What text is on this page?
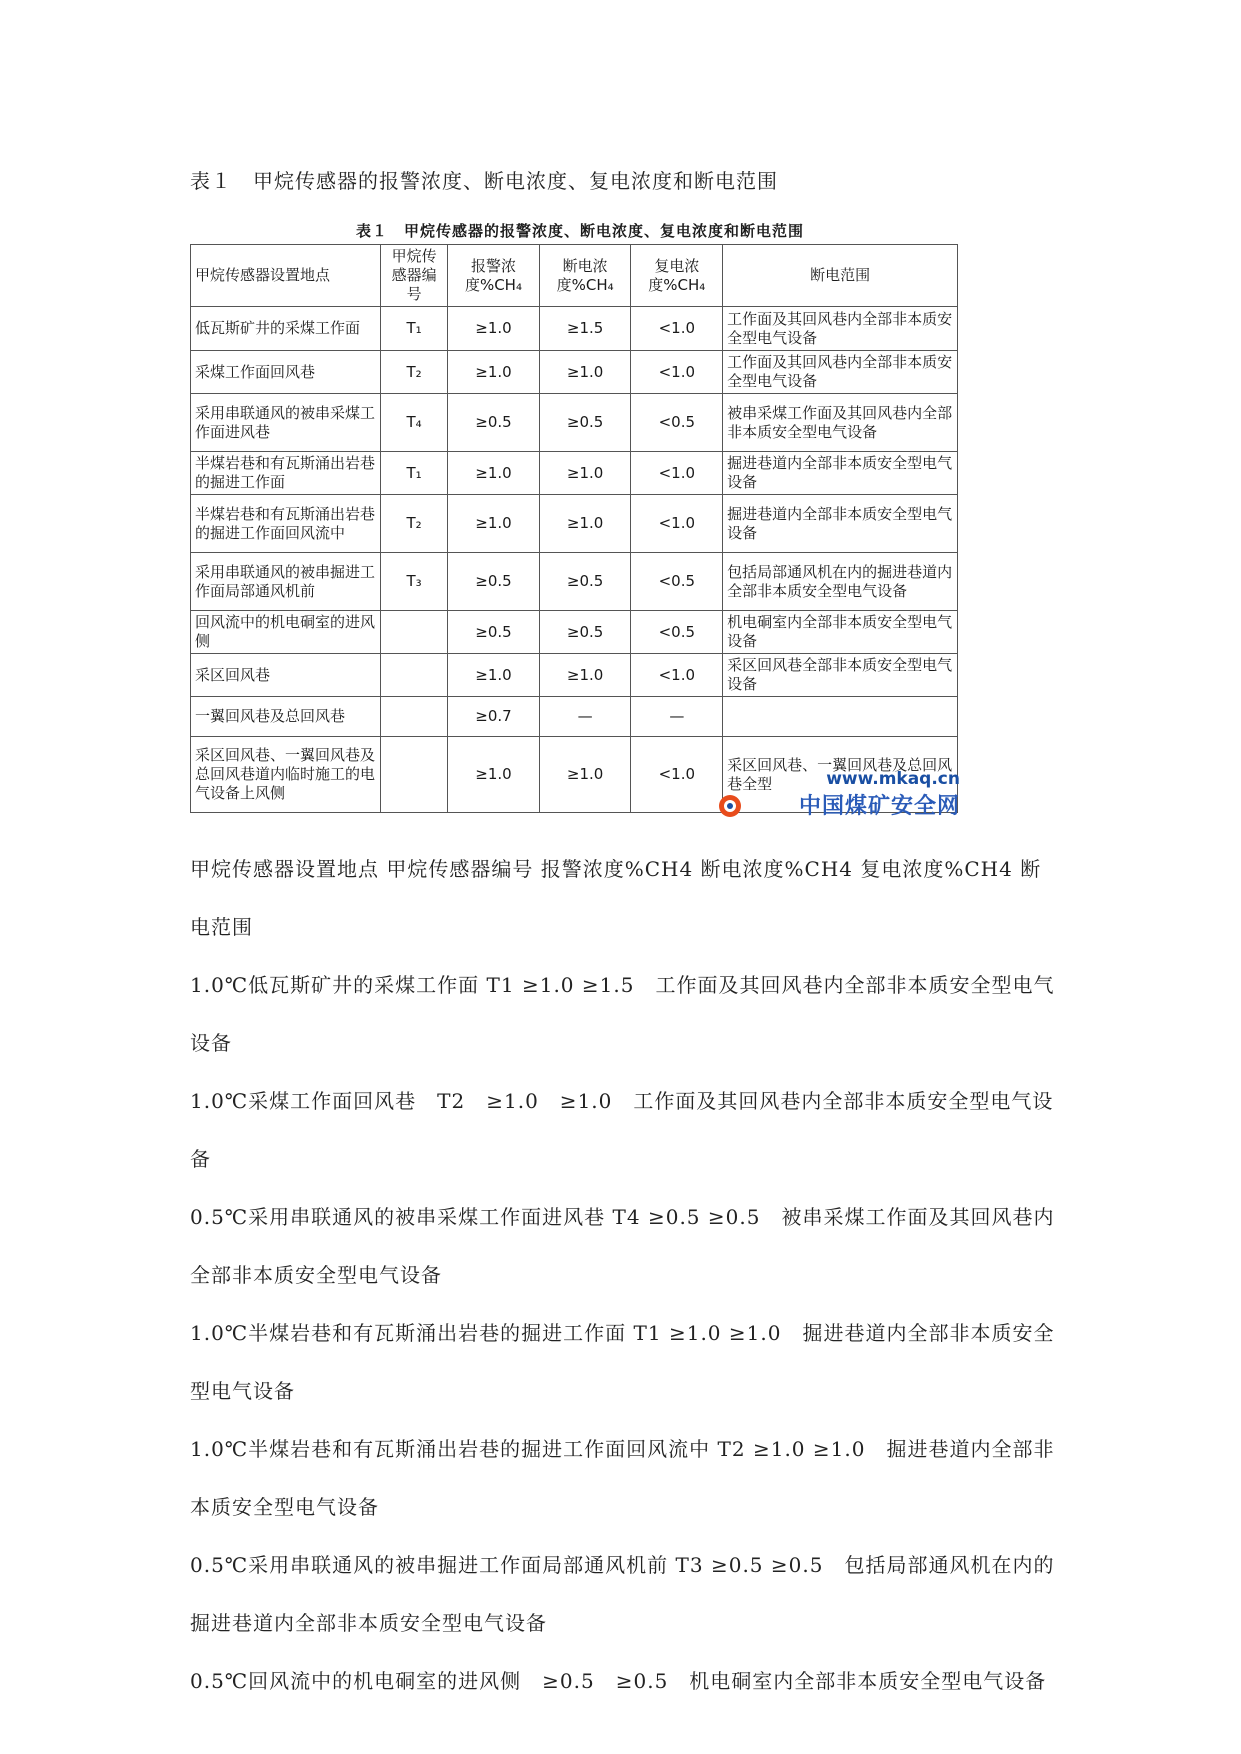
表１　甲烷传感器的报警浓度、断电浓度、复电浓度和断电范围
表１　甲烷传感器的报警浓度、断电浓度、复电浓度和断电范围
甲烷传感器设置地点	甲烷传感器编号	报警浓度%CH₄	断电浓度%CH₄	复电浓度%CH₄	断电范围
低瓦斯矿井的采煤工作面	T₁	≥1.0	≥1.5	<1.0	工作面及其回风巷内全部非本质安全型电气设备
采煤工作面回风巷	T₂	≥1.0	≥1.0	<1.0	工作面及其回风巷内全部非本质安全型电气设备
采用串联通风的被串采煤工作面进风巷	T₄	≥0.5	≥0.5	<0.5	被串采煤工作面及其回风巷内全部非本质安全型电气设备
半煤岩巷和有瓦斯涌出岩巷的掘进工作面	T₁	≥1.0	≥1.0	<1.0	掘进巷道内全部非本质安全型电气设备
半煤岩巷和有瓦斯涌出岩巷的掘进工作面回风流中	T₂	≥1.0	≥1.0	<1.0	掘进巷道内全部非本质安全型电气设备
采用串联通风的被串掘进工作面局部通风机前	T₃	≥0.5	≥0.5	<0.5	包括局部通风机在内的掘进巷道内全部非本质安全型电气设备
回风流中的机电硐室的进风侧		≥0.5	≥0.5	<0.5	机电硐室内全部非本质安全型电气设备
采区回风巷		≥1.0	≥1.0	<1.0	采区回风巷全部非本质安全型电气设备
一翼回风巷及总回风巷		≥0.7	—	—	
采区回风巷、一翼回风巷及总回风巷道内临时施工的电气设备上风侧		≥1.0	≥1.0	<1.0	采区回风巷、一翼回风巷及总回风巷全型	www.mkaq.cn
中国煤矿安全网

甲烷传感器设置地点 甲烷传感器编号 报警浓度%CH4 断电浓度%CH4 复电浓度%CH4 断电范围

1.0℃低瓦斯矿井的采煤工作面 T1 ≥1.0 ≥1.5　工作面及其回风巷内全部非本质安全型电气设备

1.0℃采煤工作面回风巷　T2　≥1.0　≥1.0　工作面及其回风巷内全部非本质安全型电气设备

0.5℃采用串联通风的被串采煤工作面进风巷 T4 ≥0.5 ≥0.5　被串采煤工作面及其回风巷内全部非本质安全型电气设备

1.0℃半煤岩巷和有瓦斯涌出岩巷的掘进工作面 T1 ≥1.0 ≥1.0　掘进巷道内全部非本质安全型电气设备

1.0℃半煤岩巷和有瓦斯涌出岩巷的掘进工作面回风流中 T2 ≥1.0 ≥1.0　掘进巷道内全部非本质安全型电气设备

0.5℃采用串联通风的被串掘进工作面局部通风机前 T3 ≥0.5 ≥0.5　包括局部通风机在内的掘进巷道内全部非本质安全型电气设备

0.5℃回风流中的机电硐室的进风侧　≥0.5　≥0.5　机电硐室内全部非本质安全型电气设备
